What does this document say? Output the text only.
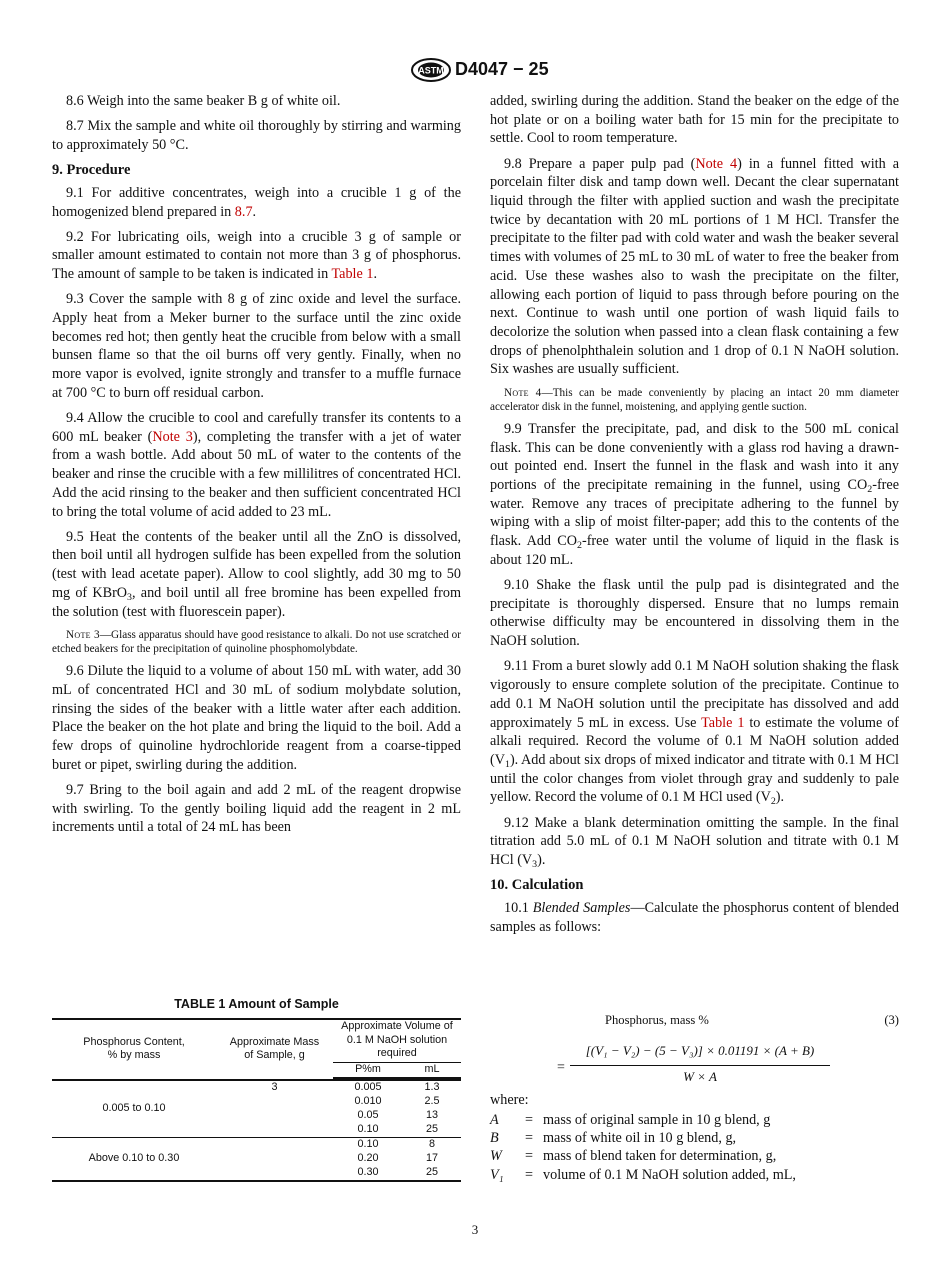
ASTM D4047 − 25

8.6 Weigh into the same beaker B g of white oil.

8.7 Mix the sample and white oil thoroughly by stirring and warming to approximately 50 °C.

9. Procedure

9.1 For additive concentrates, weigh into a crucible 1 g of the homogenized blend prepared in 8.7.

9.2 For lubricating oils, weigh into a crucible 3 g of sample or smaller amount estimated to contain not more than 3 g of phosphorus. The amount of sample to be taken is indicated in Table 1.

9.3 Cover the sample with 8 g of zinc oxide and level the surface. Apply heat from a Meker burner to the surface until the zinc oxide becomes red hot; then gently heat the crucible from below with a small bunsen flame so that the oil burns off very gently. Finally, when no more vapor is evolved, ignite strongly and transfer to a muffle furnace at 700 °C to burn off residual carbon.

9.4 Allow the crucible to cool and carefully transfer its contents to a 600 mL beaker (Note 3), completing the transfer with a jet of water from a wash bottle. Add about 50 mL of water to the contents of the beaker and rinse the crucible with a few millilitres of concentrated HCl. Add the acid rinsing to the beaker and then sufficient concentrated HCl to bring the total volume of acid added to 23 mL.

9.5 Heat the contents of the beaker until all the ZnO is dissolved, then boil until all hydrogen sulfide has been expelled from the solution (test with lead acetate paper). Allow to cool slightly, add 30 mg to 50 mg of KBrO$_3$, and boil until all free bromine has been expelled from the solution (test with fluorescein paper).

Note 3—Glass apparatus should have good resistance to alkali. Do not use scratched or etched beakers for the precipitation of quinoline phosphomolybdate.

9.6 Dilute the liquid to a volume of about 150 mL with water, add 30 mL of concentrated HCl and 30 mL of sodium molybdate solution, rinsing the sides of the beaker with a little water after each addition. Place the beaker on the hot plate and bring the liquid to the boil. Add a few drops of quinoline hydrochloride reagent from a coarse-tipped buret or pipet, swirling during the addition.

9.7 Bring to the boil again and add 2 mL of the reagent dropwise with swirling. To the gently boiling liquid add the reagent in 2 mL increments until a total of 24 mL has been

TABLE 1 Amount of Sample
Phosphorus Content, % by mass	Approximate Mass of Sample, g	Approximate Volume of 0.1 M NaOH solution required	
		P%m	mL

0.005 to 0.10	3	0.005	1.3
		0.010	2.5
		0.05	13
		0.10	25
Above 0.10 to 0.30		0.10	8
		0.20	17
		0.30	25

added, swirling during the addition. Stand the beaker on the edge of the hot plate or on a boiling water bath for 15 min for the precipitate to settle. Cool to room temperature.

9.8 Prepare a paper pulp pad (Note 4) in a funnel fitted with a porcelain filter disk and tamp down well. Decant the clear supernatant liquid through the filter with applied suction and wash the precipitate twice by decantation with 20 mL portions of 1 M HCl. Transfer the precipitate to the filter pad with cold water and wash the beaker several times with volumes of 25 mL to 30 mL of water to free the beaker from acid. Use these washes also to wash the precipitate on the filter, allowing each portion of liquid to pass through before pouring on the next. Continue to wash until one portion of wash liquid fails to decolorize the solution when passed into a clean flask containing a few drops of phenolphthalein solution and 1 drop of 0.1 N NaOH solution. Six washes are usually sufficient.

Note 4—This can be made conveniently by placing an intact 20 mm diameter accelerator disk in the funnel, moistening, and applying gentle suction.

9.9 Transfer the precipitate, pad, and disk to the 500 mL conical flask. This can be done conveniently with a glass rod having a drawn-out pointed end. Insert the funnel in the flask and wash into it any portions of the precipitate remaining in the funnel, using $CO_2$-free water. Remove any traces of precipitate adhering to the funnel by wiping with a slip of moist filter-paper; add this to the contents of the flask. Add $CO_2$-free water until the volume of liquid in the flask is about 120 mL.

9.10 Shake the flask until the pulp pad is disintegrated and the precipitate is thoroughly dispersed. Ensure that no lumps remain otherwise difficulty may be encountered in dissolving them in the NaOH solution.

9.11 From a buret slowly add 0.1 M NaOH solution shaking the flask vigorously to ensure complete solution of the precipitate. Continue to add 0.1 M NaOH solution until the precipitate has dissolved and add approximately 5 mL in excess. Use Table 1 to estimate the volume of alkali required. Record the volume of 0.1 M NaOH solution added $(V_1)$. Add about six drops of mixed indicator and titrate with 0.1 M HCl until the color changes from violet through gray and suddenly to pale yellow. Record the volume of 0.1 M HCl used $(V_2)$.

9.12 Make a blank determination omitting the sample. In the final titration add 5.0 mL of 0.1 M NaOH solution and titrate with 0.1 M HCl $(V_3)$.

10. Calculation

10.1 Blended Samples—Calculate the phosphorus content of blended samples as follows:

Phosphorus, mass %	(3)
=
[(V₁ − V₂) − (5 − V₃)] × 0.01191 × (A + B)
W × A
where:
A = mass of original sample in 10 g blend, g
B = mass of white oil in 10 g blend, g,
W = mass of blend taken for determination, g,
V₁ = volume of 0.1 M NaOH solution added, mL,
3
